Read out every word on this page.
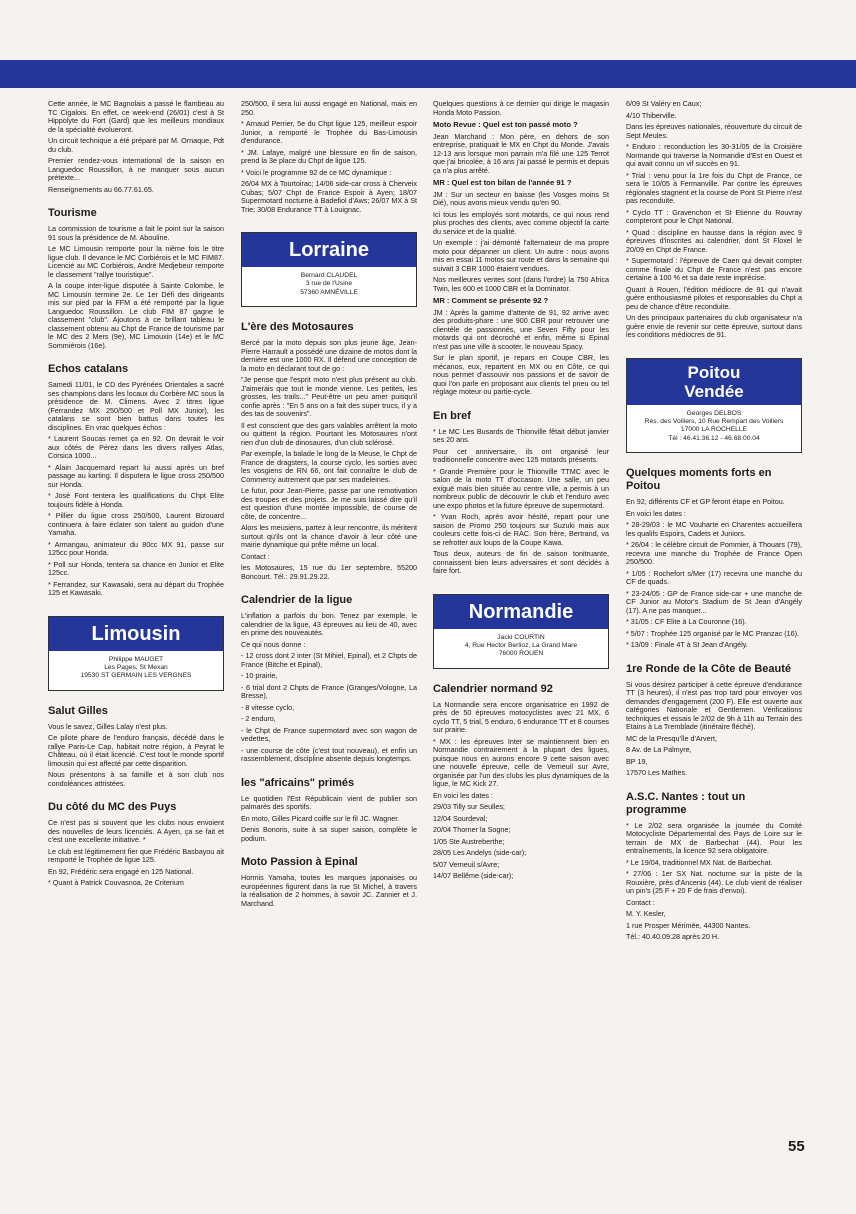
Cette année, le MC Bagnolais a passé le flambeau au TC Cigalois. En effet, ce week-end (26/01) c'est à St Hippolyte du Fort (Gard) que les meilleurs mondiaux de la spécialité évolueront.

Un circuit technique a été préparé par M. Ornaque, Pdt du club.

Premier rendez-vous international de la saison en Languedoc Roussillon, à ne manquer sous aucun prétexte...

Renseignements au 66.77.61.65.

Tourisme

La commission de tourisme a fait le point sur la saison 91 sous la présidence de M. Abouline.

Le MC Limousin remporte pour la nième fois le titre ligue club. Il devance le MC Corbiérois et le MC FIM87. Licencié au MC Corbiérois, André Medjebeur remporte le classement "rallye touristique".

A la coupe inter-ligue disputée à Sainte Colombe, le MC Limousin termine 2e. Le 1er Défi des dirigeants mis sur pied par la FFM a été remporté par la ligue Languedoc Roussillon. Le club FIM 87 gagne le classement "club". Ajoutons à ce brillant tableau le classement obtenu au Chpt de France de tourisme par le MC des 2 Mers (9e), MC Limouxin (14e) et le MC Sommiérois (16e).

Echos catalans

Samedi 11/01, le CD des Pyrénées Orientales a sacré ses champions dans les locaux du Corbère MC sous la présidence de M. Climens. Avec 2 titres ligue (Ferrandez MX 250/500 et Poll MX Junior), les catalans se sont bien battus dans toutes les disciplines. En vrac quelques échos :

* Laurent Soucas remet ça en 92. On devrait le voir aux côtés de Pérez dans les divers rallyes Atlas, Corsica 1000...

* Alain Jacquemard repart lui aussi après un bref passage au karting. Il disputera le ligue cross 250/500 sur Honda.

* José Font tentera les qualifications du Chpt Elite toujours fidèle à Honda.

* Pillier du ligue cross 250/500, Laurent Bizouard continuera à faire éclater son talent au guidon d'une Yamaha.

* Armangau, animateur du 80cc MX 91, passe sur 125cc pour Honda.

* Poll sur Honda, tentera sa chance en Junior et Elite 125cc.

* Ferrandez, sur Kawasaki, sera au départ du Trophée 125 et Kawasaki.

Limousin
Philippe MAUGET
Les Pages, St Mexan
19530 ST GERMAIN LES VERGNES
Salut Gilles

Vous le savez, Gilles Lalay n'est plus.

Ce pilote phare de l'enduro français, décédé dans le rallye Paris-Le Cap, habitait notre région, à Peyrat le Château, où il était licencié. C'est tout le monde sportif limousin qui est affecté par cette disparition.

Nous présentons à sa famille et à son club nos condoléances attristées.

Du côté du MC des Puys

Ce n'est pas si souvent que les clubs nous envoient des nouvelles de leurs licenciés. A Ayen, ça se fait et c'est une excellente initiative. *

Le club est légitimement fier que Frédéric Basbayou ait remporté le Trophée de ligue 125.

En 92, Frédéric sera engagé en 125 National.

* Quant à Patrick Couvasnoa, 2e Criterium

250/500, il sera lui aussi engagé en National, mais en 250.

* Arnaud Perrier, 5e du Chpt ligue 125, meilleur espoir Junior, a remporté le Trophée du Bas-Limousin d'endurance.

* JM. Lafaye, malgré une blessure en fin de saison, prend la 3e place du Chpt de ligue 125.

* Voici le programme 92 de ce MC dynamique :

26/04 MX à Tourtoirac; 14/06 side-car cross à Cherveix Cubas; 5/07 Chpt de France Espoir à Ayen; 18/07 Supermotard nocturne à Badefiol d'Aws; 26/07 MX à St Trie; 30/08 Endurance TT à Louignac.

Lorraine
Bernard CLAUDEL
3 rue de l'Usine
57360 AMNÉVILLE
L'ère des Motosaures

Bercé par la moto depuis son plus jeune âge, Jean-Pierre Harrault a possédé une dizaine de motos dont la dernière est une 1000 RX. Il défend une conception de la moto en déclarant tout de go :

"Je pense que l'esprit moto n'est plus présent au club. J'aimerais que tout le monde vienne. Les petites, les grosses, les trails..." Peut-être un peu amer puisqu'il confie après : "En 5 ans on a fait des super trucs, il y a des tas de souvenirs".

Il est conscient que des gars valables arrêtent la moto ou quittent la région. Pourtant les Motosaures n'ont rien d'un club de dinosaures, d'un club sclérosé.

Par exemple, la balade le long de la Meuse, le Chpt de France de dragsters, la course cyclo, les sorties avec les vosgiens de RN 66, ont fait connaître le club de Commercy autrement que par ses madeleines.

Le futur, pour Jean-Pierre, passe par une remotivation des troupes et des projets. Je me suis laissé dire qu'il est question d'une montée impossible, de course de côte, de concentre...

Alors les meusiens, partez à leur rencontre, ils méritent surtout qu'ils ont la chance d'avoir à leur côté une mairie dynamique qui prête même un local.

Contact :

les Motosaures, 15 rue du 1er septembre, 55200 Boncourt. Tél.: 29.91.29.22.

Calendrier de la ligue

L'inflation a parfois du bon. Tenez par exemple, le calendrier de la ligue, 43 épreuves au lieu de 40, avec en prime des nouveautés.

Ce qui nous donne :

- 12 cross dont 2 inter (St Mihiel, Epinal), et 2 Chpts de France (Bitche et Epinal),

- 10 prairie,

- 6 trial dont 2 Chpts de France (Granges/Vologne, La Bresse),

- 8 vitesse cyclo,

- 2 enduro,

- le Chpt de France supermotard avec son wagon de vedettes,

- une course de côte (c'est tout nouveau), et enfin un rassemblement, discipline absente depuis longtemps.

les "africains" primés

Le quotidien l'Est Républicain vient de publier son palmarès des sportifs.

En moto, Gilles Picard coiffe sur le fil JC. Wagner.

Denis Bonoris, suite à sa super saison, complète le podium.

Moto Passion à Epinal

Hormis Yamaha, toutes les marques japonaises ou européennes figurent dans la rue St Michel, à travers la réalisation de 2 hommes, à savoir JC. Zannier et J. Marchand.

Quelques questions à ce dernier qui dirige le magasin Honda Moto Passion.

Moto Revue : Quel est ton passé moto ?

Jean Marchand : Mon père, en dehors de son entreprise, pratiquait le MX en Chpt du Monde. J'avais 12-13 ans lorsque mon parrain m'a filé une 125 Terrot que j'ai bricolée, à 16 ans j'ai passé le permis et depuis ça n'a plus arrêté.

MR : Quel est ton bilan de l'année 91 ?

JM : Sur un secteur en baisse (les Vosges moins St Dié), nous avons mieux vendu qu'en 90.

Ici tous les employés sont motards, ce qui nous rend plus proches des clients, avec comme objectif la carte du service et de la qualité.

Un exemple : j'ai démonté l'alternateur de ma propre moto pour dépanner un client. Un autre : nous avons mis en essai 11 motos sur route et dans la semaine qui suivait 3 CBR 1000 étaient vendues.

Nos meilleures ventes sont (dans l'ordre) la 750 Africa Twin, les 600 et 1000 CBR et la Dominator.

MR : Comment se présente 92 ?

JM : Après la gamme d'attente de 91, 92 arrive avec des produits-phare : une 900 CBR pour retrouver une clientèle de passionnés, une Seven Fifty pour les motards qui ont décroché et enfin, même si Epinal n'est pas une ville à scooter, le nouveau Spacy.

Sur le plan sportif, je repars en Coupe CBR, les mécanos, eux, repartent en MX ou en Côte, ce qui nous permet d'assouvir nos passions et de savoir de quoi l'on parle en proposant aux clients tel pneu ou tel réglage moteur ou partie-cycle.

En bref

* Le MC Les Busards de Thionville fêtait début janvier ses 20 ans.

Pour cet anniversaire, ils ont organisé leur traditionnelle concentre avec 125 motards présents.

* Grande Première pour le Thionville TTMC avec le salon de la moto TT d'occasion. Une salle, un peu exiguë mais bien située au centre ville, a permis à un nombreux public de découvrir le club et l'enduro avec une expo photos et la future épreuve de supermotard.

* Yvan Roch, après avoir hésité, repart pour une saison de Promo 250 toujours sur Suzuki mais aux couleurs cette fois-ci de RAC. Son frère, Bertrand, va se refrotter aux loups de la Coupe Kawa.

Tous deux, auteurs de fin de saison tonitruante, connaissent bien leurs adversaires et sont décidés à faire fort.

Normandie
Jacki COURTIN
4, Rue Hector Berlioz, La Grand Mare
76000 ROUEN
Calendrier normand 92

La Normandie sera encore organisatrice en 1992 de près de 50 épreuves motocyclistes avec 21 MX, 6 cyclo TT, 5 trial, 5 enduro, 6 endurance TT et 8 courses sur prairie.

* MX : les épreuves Inter se maintiennent bien en Normandie contrairement à la plupart des ligues, puisque nous en aurons encore 9 cette saison avec une nouvelle épreuve, celle de Verneuil sur Avre, organisée par l'un des clubs les plus dynamiques de la ligue, le MC Kick 27.

En voici les dates :

29/03 Tilly sur Seulles;

12/04 Sourdeval;

20/04 Thorner la Sogne;

1/05 Ste Austreberthe;

28/05 Les Andelys (side-car);

5/07 Verneuil s/Avre;

14/07 Bellême (side-car);

6/09 St Valéry en Caux;

4/10 Thiberville.

Dans les épreuves nationales, réouverture du circuit de Sept Meules.

* Enduro : reconduction les 30-31/05 de la Croisière Normande qui traverse la Normandie d'Est en Ouest et qui avait connu un vif succès en 91.

* Trial : venu pour la 1re fois du Chpt de France, ce sera le 10/05 à Fermanville. Par contre les épreuves régionales stagnent et la course de Pont St Pierre n'est pas reconduite.

* Cyclo TT : Gravenchon et St Etienne du Rouvray compteront pour le Chpt National.

* Quad : discipline en hausse dans la région avec 9 épreuves d'inscrites au calendrier, dont St Floxel le 20/09 en Chpt de France.

* Supermotard : l'épreuve de Caen qui devait compter comme finale du Chpt de France n'est pas encore certaine à 100 % et sa date reste imprécise.

Quant à Rouen, l'édition médiocre de 91 qui n'avait guère enthousiasmé pilotes et responsables du Chpt a peu de chance d'être reconduite.

Un des principaux partenaires du club organisateur n'a guère envie de revenir sur cette épreuve, surtout dans les conditions médiocres de 91.

Poitou
Vendée
Georges DELBOS
Rés. des Voiliers, 10 Rue Rempart des Voiliers
17000 LA ROCHELLE
Tél : 46.41.36.12 - 46.68.00.04
Quelques moments forts en Poitou

En 92, différents CF et GP feront étape en Poitou.

En voici les dates :

* 28-29/03 : le MC Vouharte en Charentes accueillera les qualifs Espoirs, Cadets et Juniors.

* 26/04 : le célèbre circuit de Pommier, à Thouars (79), recevra une manche du Trophée de France Open 250/500.

* 1/05 : Rochefort s/Mer (17) recevra une manche du CF de quads.

* 23-24/05 : GP de France side-car + une manche de CF Junior au Motor's Stadium de St Jean d'Angély (17). A ne pas manquer...

* 31/05 : CF Elite à La Couronne (16).

* 5/07 : Trophée 125 organisé par le MC Pranzac (16).

* 13/09 : Finale 4T à St Jean d'Angély.

1re Ronde de la Côte de Beauté

Si vous désirez participer à cette épreuve d'endurance TT (3 heures), il n'est pas trop tard pour envoyer vos demandes d'engagement (200 F). Elle est ouverte aux catégories Nationale et Gentlemen. Vérifications techniques et essais le 2/02 de 9h à 11h au Terrain des Etains à La Tremblade (itinéraire fléché).

MC de la Presqu'île d'Arvert,

8 Av. de La Palmyre,

BP 19,

17570 Les Mathes.

A.S.C. Nantes : tout un programme

* Le 2/02 sera organisée la journée du Comité Motocycliste Départemental des Pays de Loire sur le terrain de MX de Barbechat (44). Pour les entraînements, la licence 92 sera obligatoire.

* Le 19/04, traditionnel MX Nat. de Barbechat.

* 27/06 : 1er SX Nat. nocturne sur la piste de la Rouxière, près d'Ancenis (44). Le club vient de réaliser un pin's (25 F + 20 F de frais d'envoi).

Contact :

M. Y. Kesler,

1 rue Prosper Mérimée, 44300 Nantes.

Tél.: 40.40.09.28 après 20 H.

55
